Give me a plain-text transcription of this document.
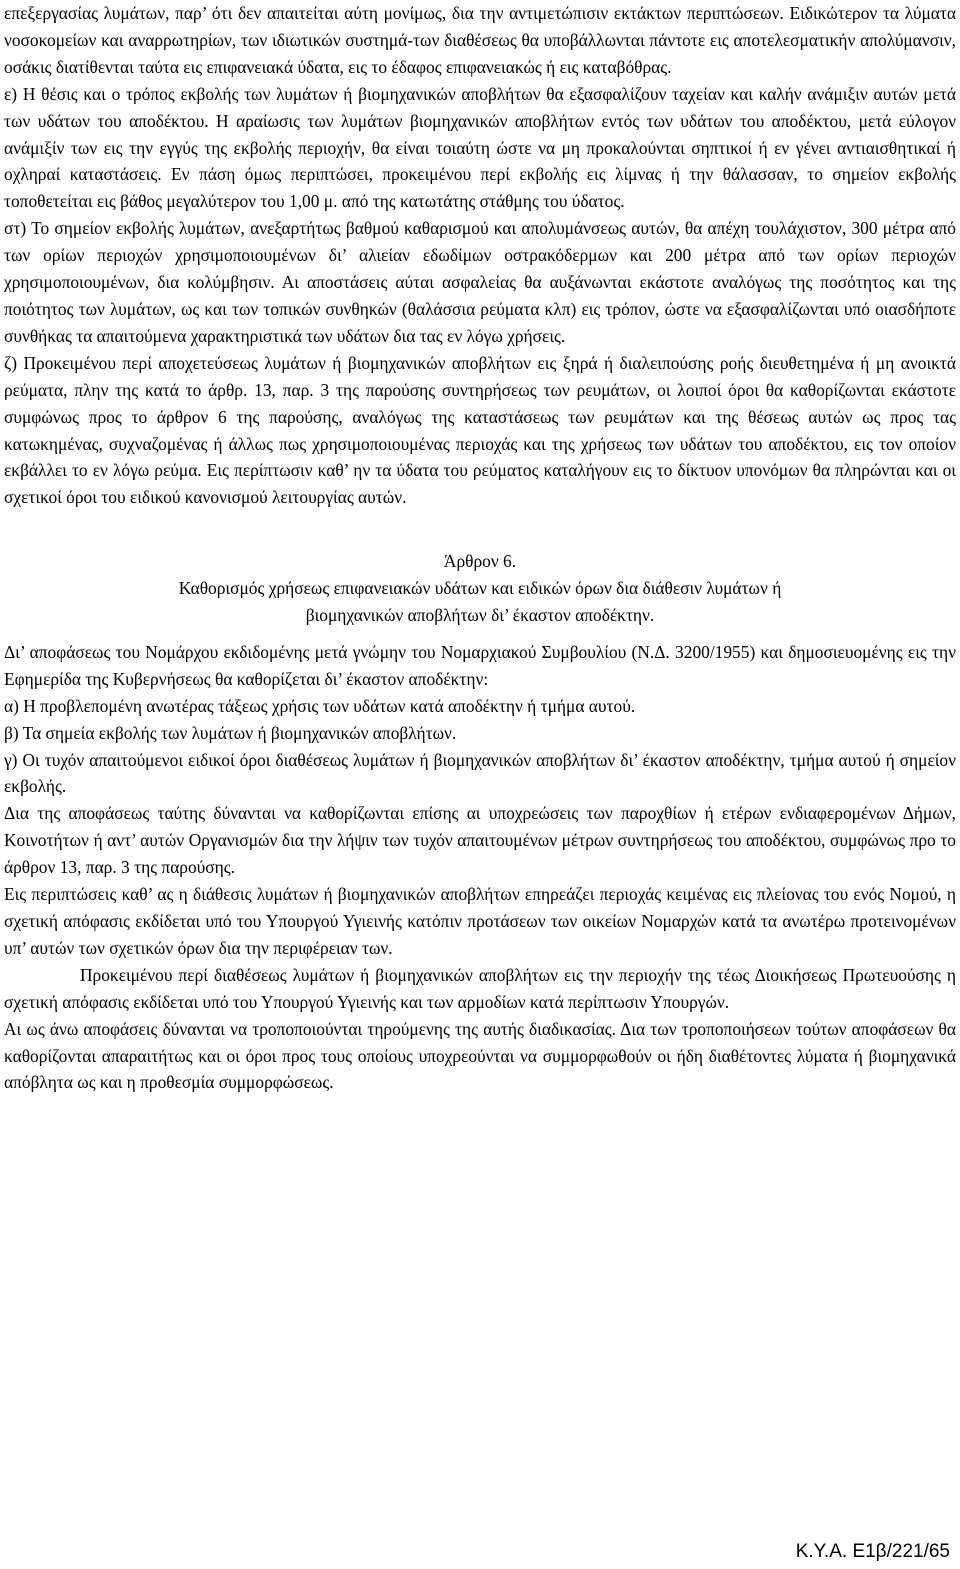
επεξεργασίας λυμάτων, παρ’ ότι δεν απαιτείται αύτη μονίμως, δια την αντιμετώπισιν εκτάκτων περιπτώσεων. Ειδικώτερον τα λύματα νοσοκομείων και αναρρωτηρίων, των ιδιωτικών συστημά-των διαθέσεως θα υποβάλλωνται πάντοτε εις αποτελεσματικήν απολύμανσιν, οσάκις διατίθενται ταύτα εις επιφανειακά ύδατα, εις το έδαφος επιφανειακώς ή εις καταβόθρας.

ε) Η θέσις και ο τρόπος εκβολής των λυμάτων ή βιομηχανικών αποβλήτων θα εξασφαλίζουν ταχείαν και καλήν ανάμιξιν αυτών μετά των υδάτων του αποδέκτου. Η αραίωσις των λυμάτων βιομηχανικών αποβλήτων εντός των υδάτων του αποδέκτου, μετά εύλογον ανάμιξίν των εις την εγγύς της εκβολής περιοχήν, θα είναι τοιαύτη ώστε να μη προκαλούνται σηπτικοί ή εν γένει αντιαισθητικαί ή οχληραί καταστάσεις. Εν πάση όμως περιπτώσει, προκειμένου περί εκβολής εις λίμνας ή την θάλασσαν, το σημείον εκβολής τοποθετείται εις βάθος μεγαλύτερον του 1,00 μ. από της κατωτάτης στάθμης του ύδατος.

στ) Το σημείον εκβολής λυμάτων, ανεξαρτήτως βαθμού καθαρισμού και απολυμάνσεως αυτών, θα απέχη τουλάχιστον, 300 μέτρα από των ορίων περιοχών χρησιμοποιουμένων δι’ αλιείαν εδωδίμων οστρακόδερμων και 200 μέτρα από των ορίων περιοχών χρησιμοποιουμένων, δια κολύμβησιν. Αι αποστάσεις αύται ασφαλείας θα αυξάνωνται εκάστοτε αναλόγως της ποσότητος και της ποιότητος των λυμάτων, ως και των τοπικών συνθηκών (θαλάσσια ρεύματα κλπ) εις τρόπον, ώστε να εξασφαλίζωνται υπό οιασδήποτε συνθήκας τα απαιτούμενα χαρακτηριστικά των υδάτων δια τας εν λόγω χρήσεις.

ζ) Προκειμένου περί αποχετεύσεως λυμάτων ή βιομηχανικών αποβλήτων εις ξηρά ή διαλειπούσης ροής διευθετημένα ή μη ανοικτά ρεύματα, πλην της κατά το άρθρ. 13, παρ. 3 της παρούσης συντηρήσεως των ρευμάτων, οι λοιποί όροι θα καθορίζωνται εκάστοτε συμφώνως προς το άρθρον 6 της παρούσης, αναλόγως της καταστάσεως των ρευμάτων και της θέσεως αυτών ως προς τας κατωκημένας, συχναζομένας ή άλλως πως χρησιμοποιουμένας περιοχάς και της χρήσεως των υδάτων του αποδέκτου, εις τον οποίον εκβάλλει το εν λόγω ρεύμα. Εις περίπτωσιν καθ’ ην τα ύδατα του ρεύματος καταλήγουν εις το δίκτυον υπονόμων θα πληρώνται και οι σχετικοί όροι του ειδικού κανονισμού λειτουργίας αυτών.

Άρθρον 6.

Καθορισμός χρήσεως επιφανειακών υδάτων και ειδικών όρων δια διάθεσιν λυμάτων ή

βιομηχανικών αποβλήτων δι’ έκαστον αποδέκτην.

Δι’ αποφάσεως του Νομάρχου εκδιδομένης μετά γνώμην του Νομαρχιακού Συμβουλίου (Ν.Δ. 3200/1955) και δημοσιευομένης εις την Εφημερίδα της Κυβερνήσεως θα καθορίζεται δι’ έκαστον αποδέκτην:

α) Η προβλεπομένη ανωτέρας τάξεως χρήσις των υδάτων κατά αποδέκτην ή τμήμα αυτού.

β) Τα σημεία εκβολής των λυμάτων ή βιομηχανικών αποβλήτων.

γ) Οι τυχόν απαιτούμενοι ειδικοί όροι διαθέσεως λυμάτων ή βιομηχανικών αποβλήτων δι’ έκαστον αποδέκτην, τμήμα αυτού ή σημείον εκβολής.

Δια της αποφάσεως ταύτης δύνανται να καθορίζωνται επίσης αι υποχρεώσεις των παροχθίων ή ετέρων ενδιαφερομένων Δήμων, Κοινοτήτων ή αντ’ αυτών Οργανισμών δια την λήψιν των τυχόν απαιτουμένων μέτρων συντηρήσεως του αποδέκτου, συμφώνως προ το άρθρον 13, παρ. 3 της παρούσης.

Εις περιπτώσεις καθ’ ας η διάθεσις λυμάτων ή βιομηχανικών αποβλήτων επηρεάζει περιοχάς κειμένας εις πλείονας του ενός Νομού, η σχετική απόφασις εκδίδεται υπό του Υπουργού Υγιεινής κατόπιν προτάσεων των οικείων Νομαρχών κατά τα ανωτέρω προτεινομένων υπ’ αυτών των σχετικών όρων δια την περιφέρειαν των.

Προκειμένου περί διαθέσεως λυμάτων ή βιομηχανικών αποβλήτων εις την περιοχήν της τέως Διοικήσεως Πρωτευούσης η σχετική απόφασις εκδίδεται υπό του Υπουργού Υγιεινής και των αρμοδίων κατά περίπτωσιν Υπουργών.

Αι ως άνω αποφάσεις δύνανται να τροποποιούνται τηρούμενης της αυτής διαδικασίας. Δια των τροποποιήσεων τούτων αποφάσεων θα καθορίζονται απαραιτήτως και οι όροι προς τους οποίους υποχρεούνται να συμμορφωθούν οι ήδη διαθέτοντες λύματα ή βιομηχανικά απόβλητα ως και η προθεσμία συμμορφώσεως.

Κ.Υ.Α. Ε1β/221/65
